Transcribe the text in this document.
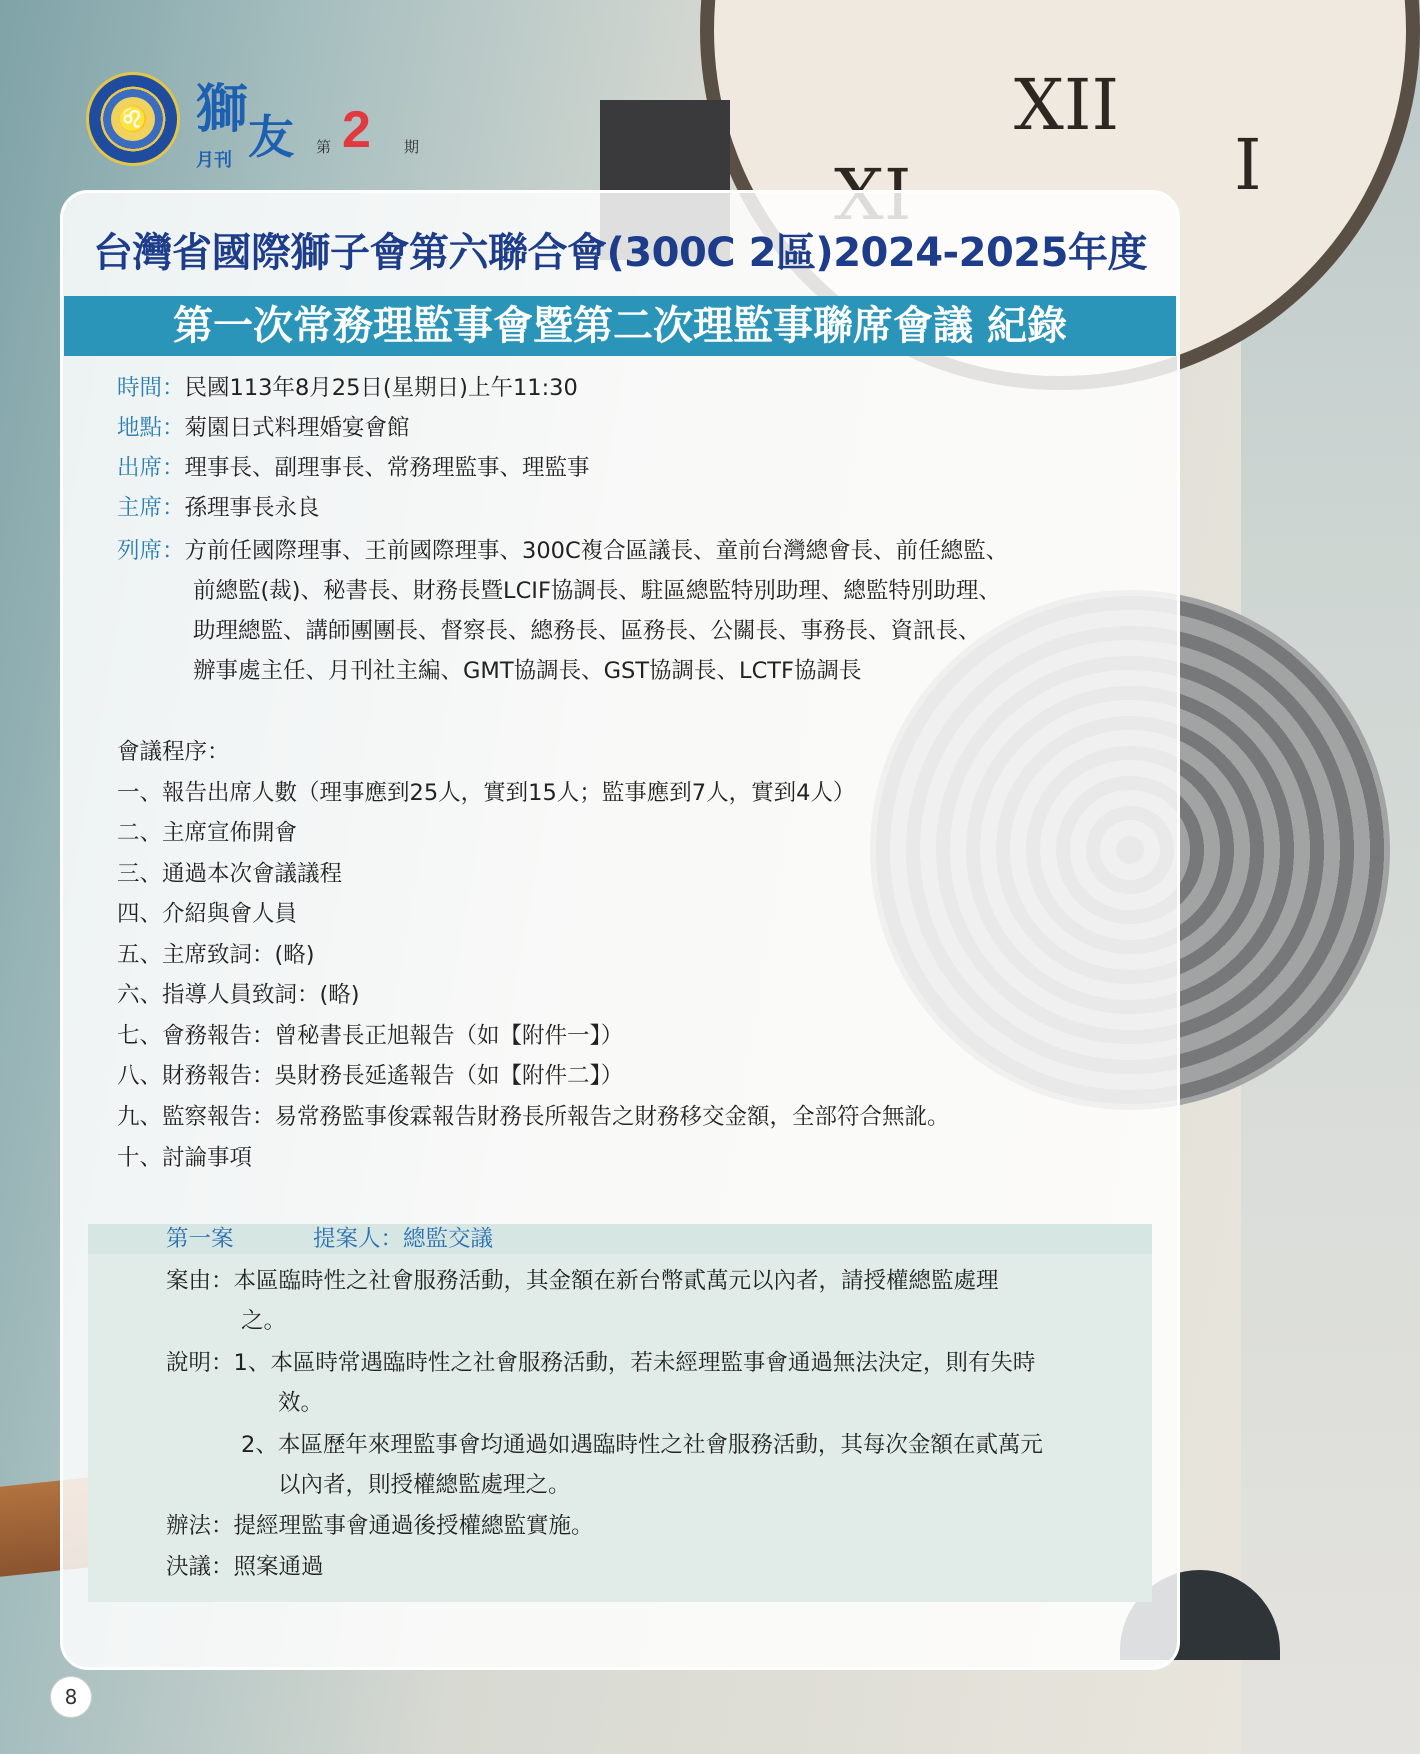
XII
I
♌ 獅 友
月刊
第 2 期
台灣省國際獅子會第六聯合會(300C 2區)2024-2025年度
第一次常務理監事會暨第二次理監事聯席會議 紀錄
時間：民國113年8月25日(星期日)上午11:30
地點：菊園日式料理婚宴會館
出席：理事長、副理事長、常務理監事、理監事
主席：孫理事長永良
列席：方前任國際理事、王前國際理事、300C複合區議長、童前台灣總會長、前任總監、
前總監(裁)、秘書長、財務長暨LCIF協調長、駐區總監特別助理、總監特別助理、
助理總監、講師團團長、督察長、總務長、區務長、公關長、事務長、資訊長、
辦事處主任、月刊社主編、GMT協調長、GST協調長、LCTF協調長
會議程序：
一、報告出席人數（理事應到25人，實到15人；監事應到7人，實到4人）
二、主席宣佈開會
三、通過本次會議議程
四、介紹與會人員
五、主席致詞：(略)
六、指導人員致詞：(略)
七、會務報告：曾秘書長正旭報告（如【附件一】）
八、財務報告：吳財務長延遙報告（如【附件二】）
九、監察報告：易常務監事俊霖報告財務長所報告之財務移交金額，全部符合無訛。
十、討論事項
第一案	提案人：總監交議
案由：本區臨時性之社會服務活動，其金額在新台幣貳萬元以內者，請授權總監處理
之。
說明：1、本區時常遇臨時性之社會服務活動，若未經理監事會通過無法決定，則有失時
效。
2、本區歷年來理監事會均通過如遇臨時性之社會服務活動，其每次金額在貳萬元
以內者，則授權總監處理之。
辦法：提經理監事會通過後授權總監實施。
決議：照案通過
8
